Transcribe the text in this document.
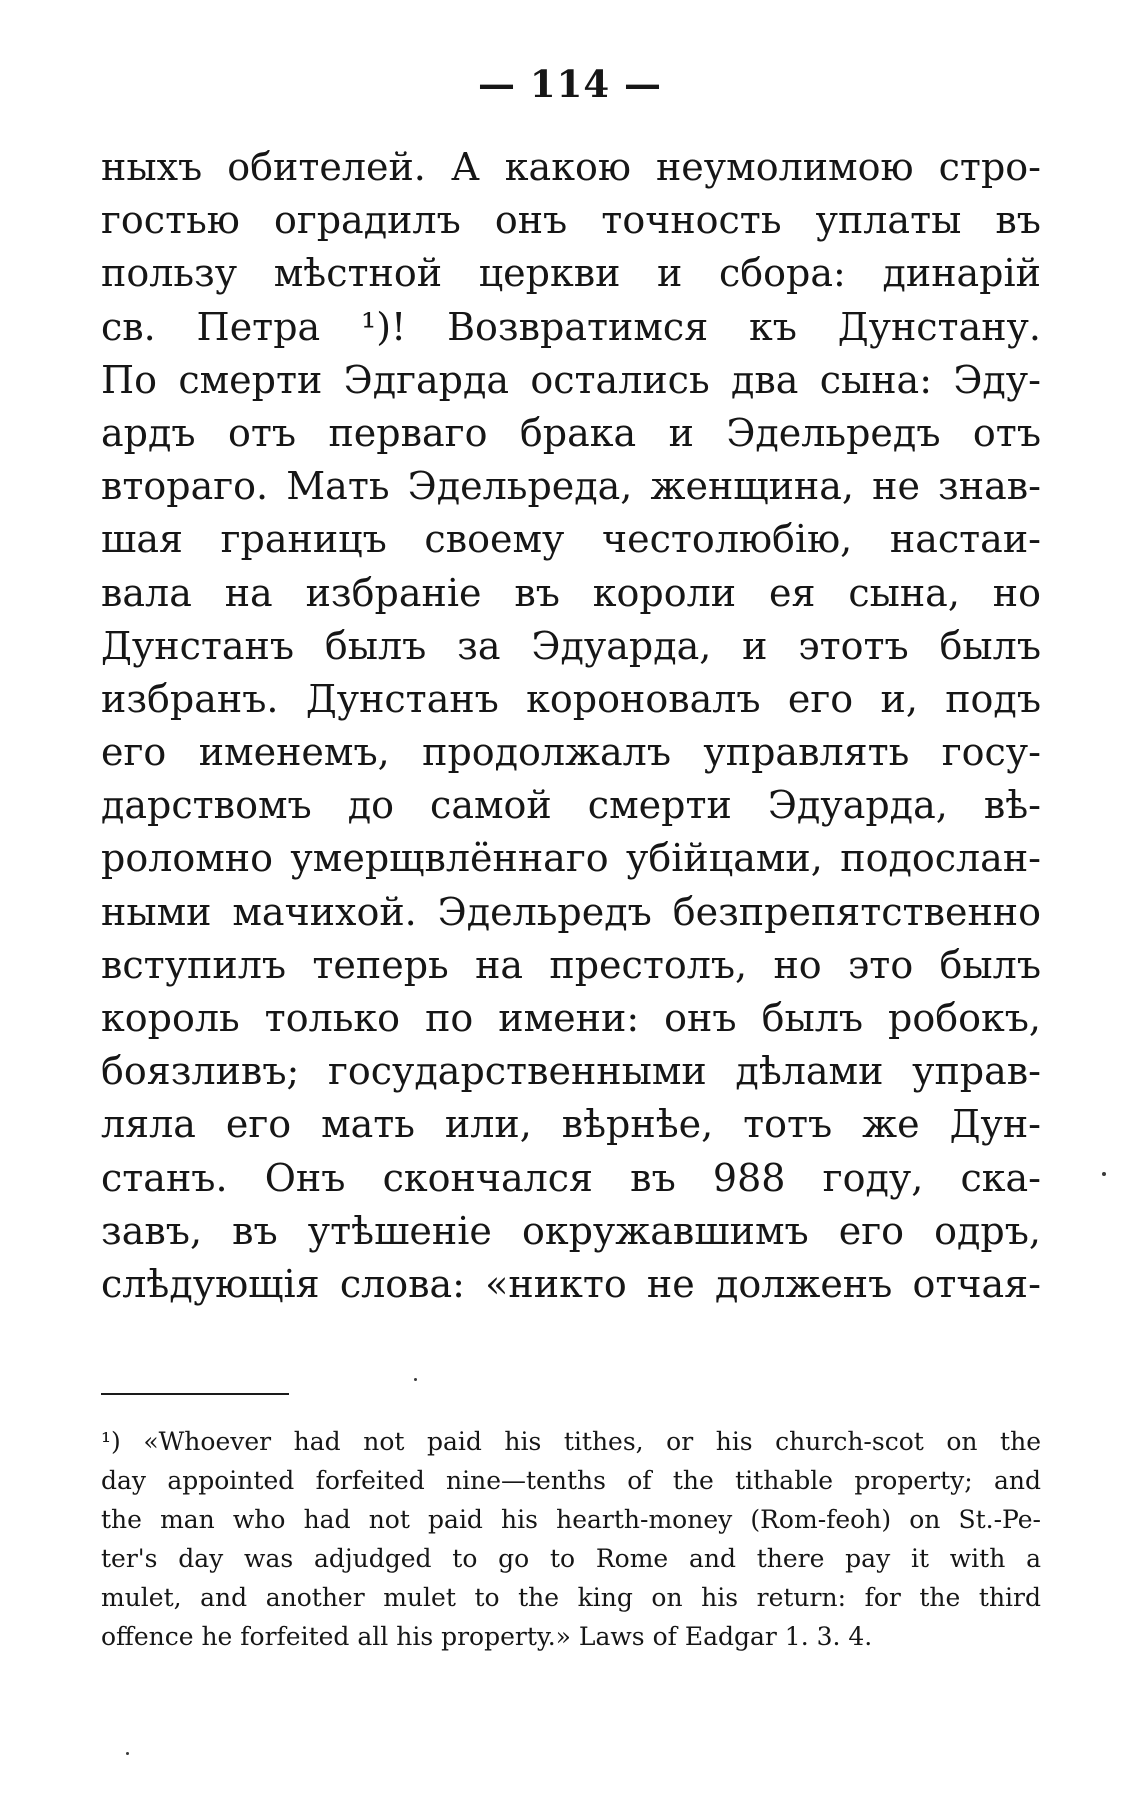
— 114 —
ныхъ обителей. А какою неумолимою стро-
гостью оградилъ онъ точность уплаты въ
пользу мѣстной церкви и сбора: динарій
св. Петра ¹)! Возвратимся къ Дунстану.
По смерти Эдгарда остались два сына: Эду-
ардъ отъ перваго брака и Эдельредъ отъ
втораго. Мать Эдельреда, женщина, не знав-
шая границъ своему честолюбію, настаи-
вала на избраніе въ короли ея сына, но
Дунстанъ былъ за Эдуарда, и этотъ былъ
избранъ. Дунстанъ короновалъ его и, подъ
его именемъ, продолжалъ управлять госу-
дарствомъ до самой смерти Эдуарда, вѣ-
роломно умерщвлённаго убійцами, подослан-
ными мачихой. Эдельредъ безпрепятственно
вступилъ теперь на престолъ, но это былъ
король только по имени: онъ былъ робокъ,
боязливъ; государственными дѣлами управ-
ляла его мать или, вѣрнѣе, тотъ же Дун-
станъ. Онъ скончался въ 988 году, ска-
завъ, въ утѣшеніе окружавшимъ его одръ,
слѣдующія слова: «никто не долженъ отчая-
¹) «Whoever had not paid his tithes, or his church-scot on the
day appointed forfeited nine—tenths of the tithable property; and
the man who had not paid his hearth-money (Rom-feoh) on St.-Pe-
ter's day was adjudged to go to Rome and there pay it with a
mulet, and another mulet to the king on his return: for the third
offence he forfeited all his property.» Laws of Eadgar 1. 3. 4.
